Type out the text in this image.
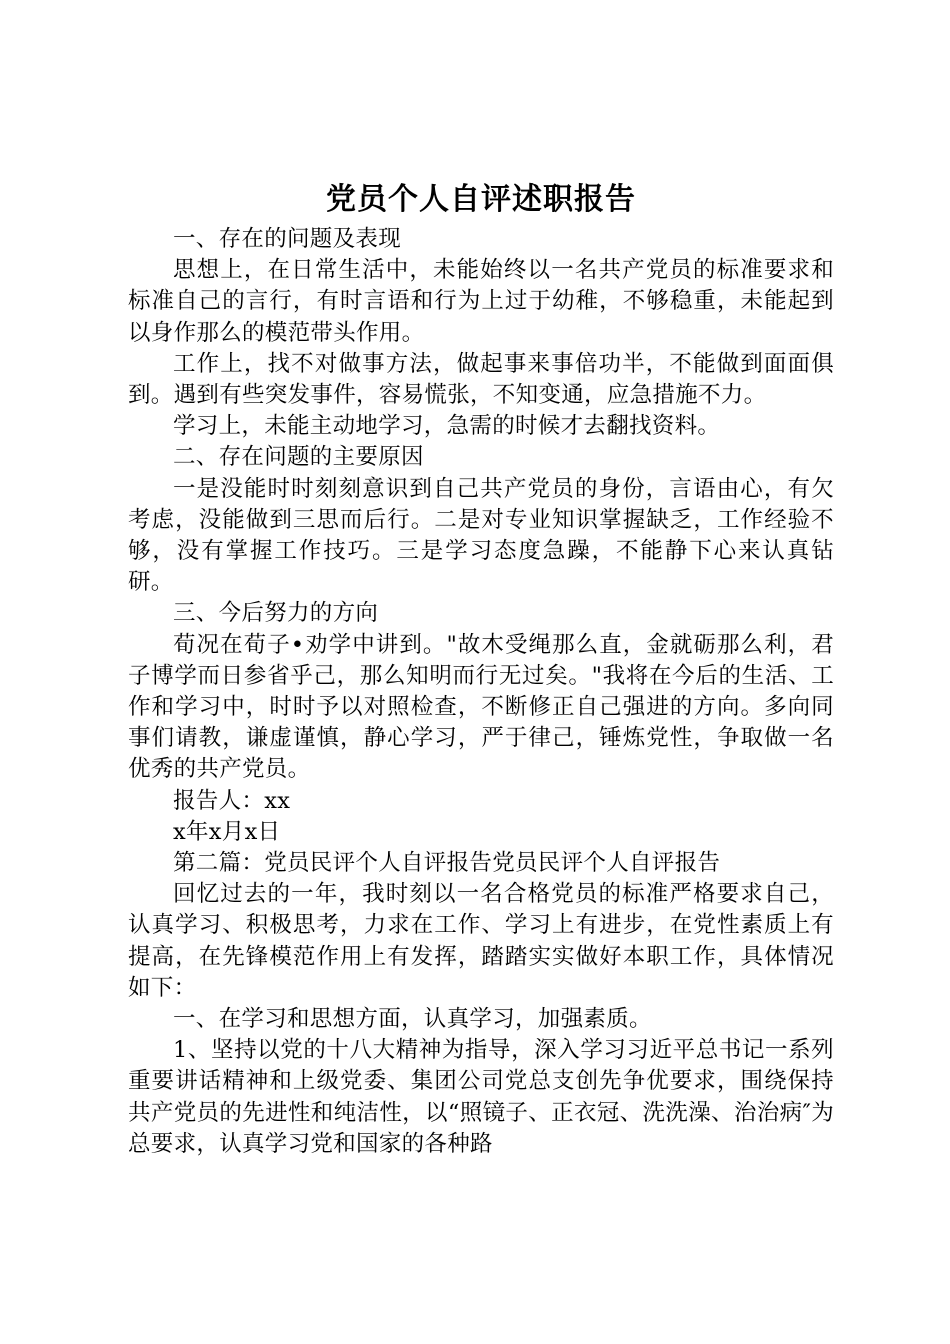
党员个人自评述职报告

一、存在的问题及表现

思想上，在日常生活中，未能始终以一名共产党员的标准要求和标准自己的言行，有时言语和行为上过于幼稚，不够稳重，未能起到以身作那么的模范带头作用。

工作上，找不对做事方法，做起事来事倍功半，不能做到面面俱到。遇到有些突发事件，容易慌张，不知变通，应急措施不力。

学习上，未能主动地学习，急需的时候才去翻找资料。

二、存在问题的主要原因

一是没能时时刻刻意识到自己共产党员的身份，言语由心，有欠考虑，没能做到三思而后行。二是对专业知识掌握缺乏，工作经验不够，没有掌握工作技巧。三是学习态度急躁，不能静下心来认真钻研。

三、今后努力的方向

荀况在荀子•劝学中讲到。"故木受绳那么直，金就砺那么利，君子博学而日参省乎己，那么知明而行无过矣。"我将在今后的生活、工作和学习中，时时予以对照检查，不断修正自己强进的方向。多向同事们请教，谦虚谨慎，静心学习，严于律己，锤炼党性，争取做一名优秀的共产党员。

报告人：xx

x年x月x日

第二篇：党员民评个人自评报告党员民评个人自评报告

回忆过去的一年，我时刻以一名合格党员的标准严格要求自己，认真学习、积极思考，力求在工作、学习上有进步，在党性素质上有提高，在先锋模范作用上有发挥，踏踏实实做好本职工作，具体情况如下：

一、在学习和思想方面，认真学习，加强素质。

1、坚持以党的十八大精神为指导，深入学习习近平总书记一系列重要讲话精神和上级党委、集团公司党总支创先争优要求，围绕保持共产党员的先进性和纯洁性，以“照镜子、正衣冠、洗洗澡、治治病″为总要求，认真学习党和国家的各种路
